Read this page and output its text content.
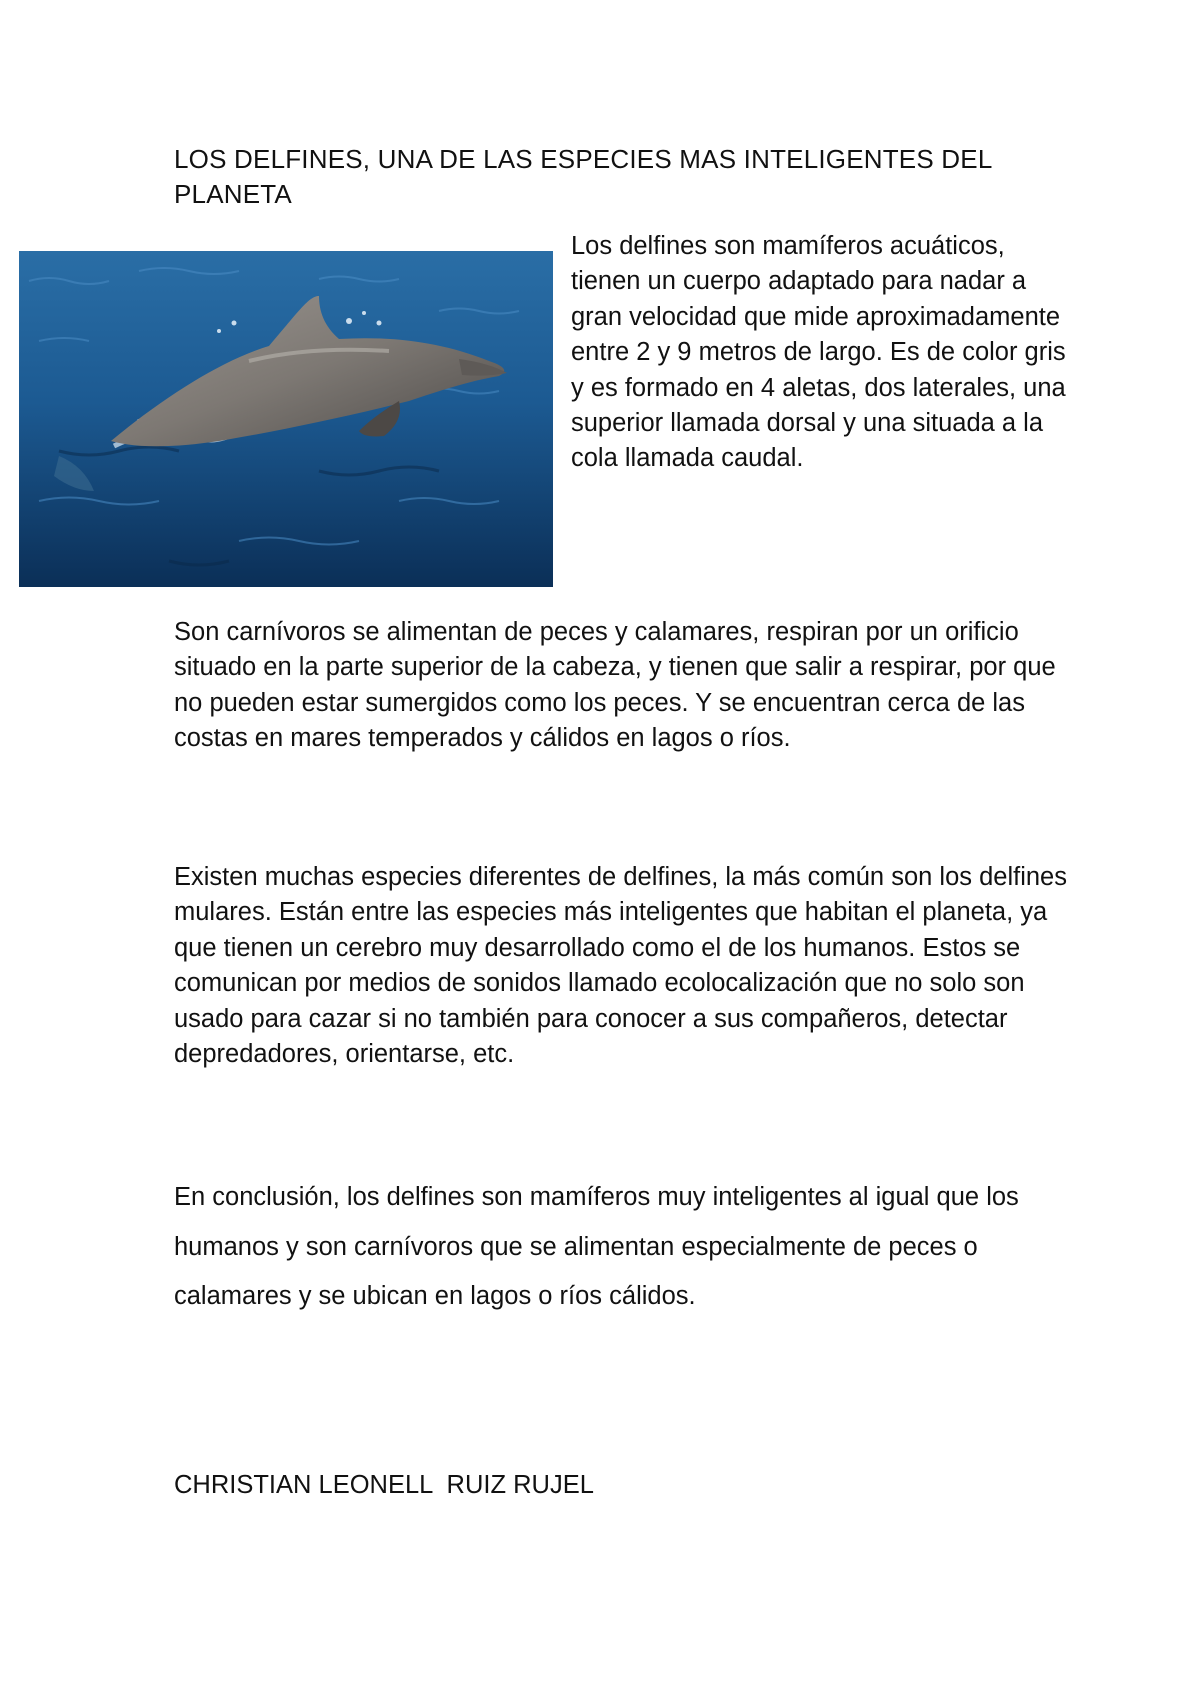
LOS DELFINES, UNA DE LAS ESPECIES MAS INTELIGENTES DEL PLANETA

Los delfines son mamíferos acuáticos, tienen un cuerpo adaptado para nadar a gran velocidad que mide aproximadamente entre 2 y 9 metros de largo. Es de color gris y es formado en 4 aletas, dos laterales, una superior llamada dorsal y una situada a la cola llamada caudal.

Son carnívoros se alimentan de peces y calamares, respiran por un orificio situado en la parte superior de la cabeza, y tienen que salir a respirar, por que no pueden estar sumergidos como los peces. Y se encuentran cerca de las costas en mares temperados y cálidos en lagos o ríos.

Existen muchas especies diferentes de delfines, la más común son los delfines mulares. Están entre las especies más inteligentes que habitan el planeta, ya que tienen un cerebro muy desarrollado como el de los humanos. Estos se comunican por medios de sonidos llamado ecolocalización que no solo son usado para cazar si no también para conocer a sus compañeros, detectar depredadores, orientarse, etc.

En conclusión, los delfines son mamíferos muy inteligentes al igual que los humanos y son carnívoros que se alimentan especialmente de peces o calamares y se ubican en lagos o ríos cálidos.

CHRISTIAN LEONELL  RUIZ RUJEL
